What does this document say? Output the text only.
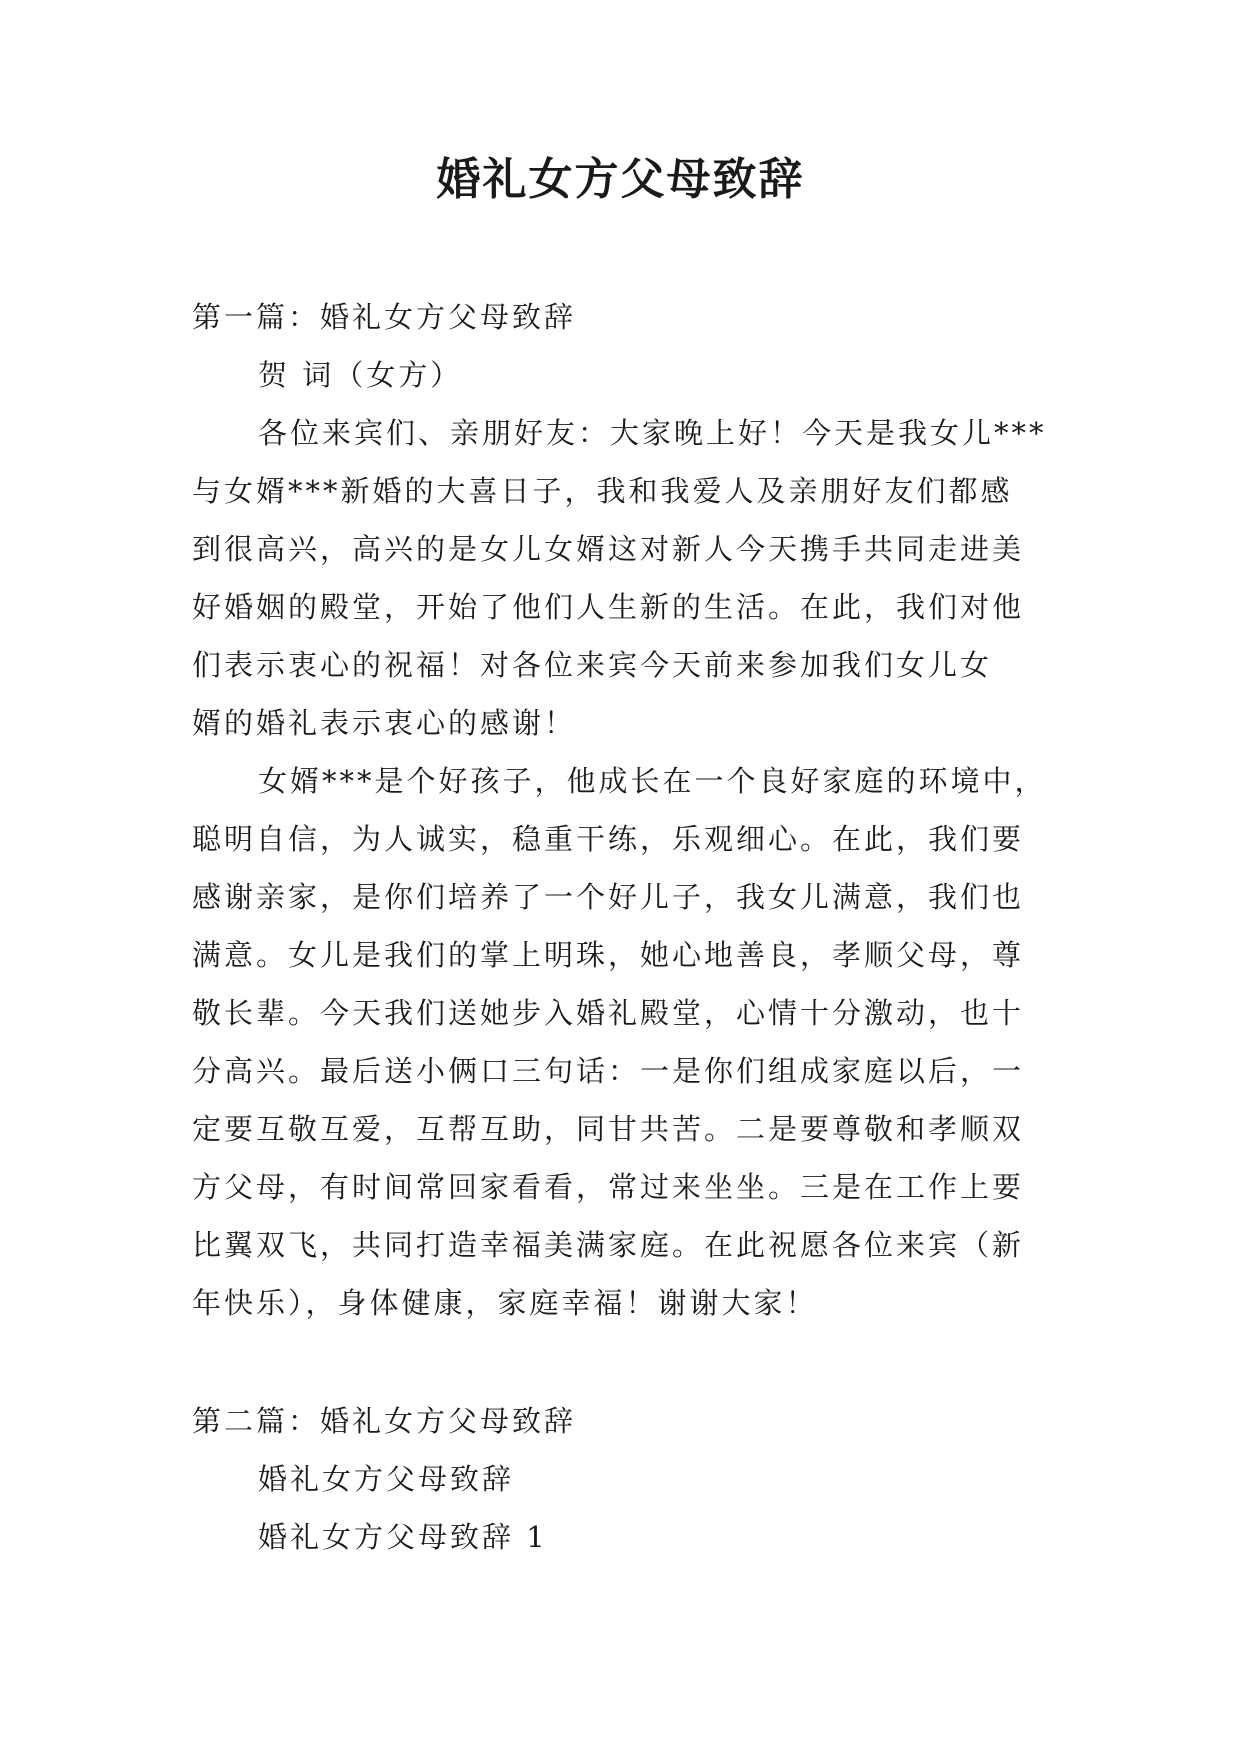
婚礼女方父母致辞

第一篇：婚礼女方父母致辞

贺 词（女方）

各位来宾们、亲朋好友：大家晚上好！今天是我女儿***

与女婿***新婚的大喜日子，我和我爱人及亲朋好友们都感

到很高兴，高兴的是女儿女婿这对新人今天携手共同走进美

好婚姻的殿堂，开始了他们人生新的生活。在此，我们对他

们表示衷心的祝福！对各位来宾今天前来参加我们女儿女

婿的婚礼表示衷心的感谢！

女婿***是个好孩子，他成长在一个良好家庭的环境中，

聪明自信，为人诚实，稳重干练，乐观细心。在此，我们要

感谢亲家，是你们培养了一个好儿子，我女儿满意，我们也

满意。女儿是我们的掌上明珠，她心地善良，孝顺父母，尊

敬长辈。今天我们送她步入婚礼殿堂，心情十分激动，也十

分高兴。最后送小俩口三句话：一是你们组成家庭以后，一

定要互敬互爱，互帮互助，同甘共苦。二是要尊敬和孝顺双

方父母，有时间常回家看看，常过来坐坐。三是在工作上要

比翼双飞，共同打造幸福美满家庭。在此祝愿各位来宾（新

年快乐），身体健康，家庭幸福！谢谢大家！

第二篇：婚礼女方父母致辞

婚礼女方父母致辞

婚礼女方父母致辞 1
